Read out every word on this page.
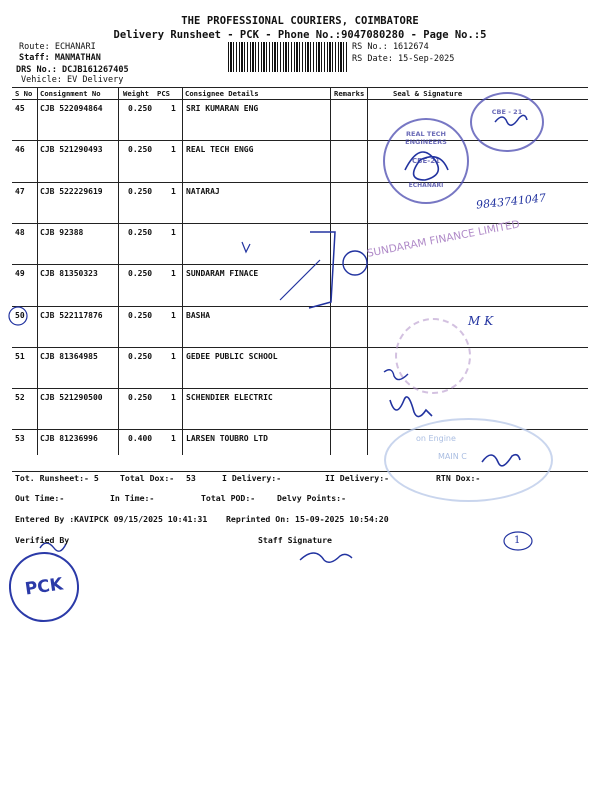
THE PROFESSIONAL COURIERS, COIMBATORE
Delivery Runsheet - PCK - Phone No.:9047080280 - Page No.:5
Route: ECHANARI
Staff: MANMATHAN
DRS No.: DCJB161267405
Vehicle: EV Delivery
RS No.: 1612674
RS Date: 15-Sep-2025
S No Consignment No	Weight PCS Consignee Details	Remarks	Seal & Signature
45 CJB 522094864	0.250 1 SRI KUMARAN ENG
46 CJB 521290493	0.250 1 REAL TECH ENGG
47 CJB 522229619	0.250 1 NATARAJ
48 CJB 92388	0.250 1
49 CJB 81350323	0.250 1 SUNDARAM FINACE
50 CJB 522117876	0.250 1 BASHA
51 CJB 81364985	0.250 1 GEDEE PUBLIC SCHOOL
52 CJB 521290500	0.250 1 SCHENDIER ELECTRIC
53 CJB 81236996	0.400 1 LARSEN TOUBRO LTD
REAL TECH ENGINEERS
CBE-21
ECHANARI
CBE - 21
SUNDARAM FINANCE LIMITED
on Engine
MAIN C
9843741047
M K
1
Tot. Runsheet:- 5	Total Dox:- 53	I Delivery:-	II Delivery:-	RTN Dox:-
Out Time:-	In Time:-	Total POD:-	Delvy Points:-
Entered By :KAVIPCK 09/15/2025 10:41:31 Reprinted On: 15-09-2025 10:54:20
Verified By	Staff Signature
PCK
